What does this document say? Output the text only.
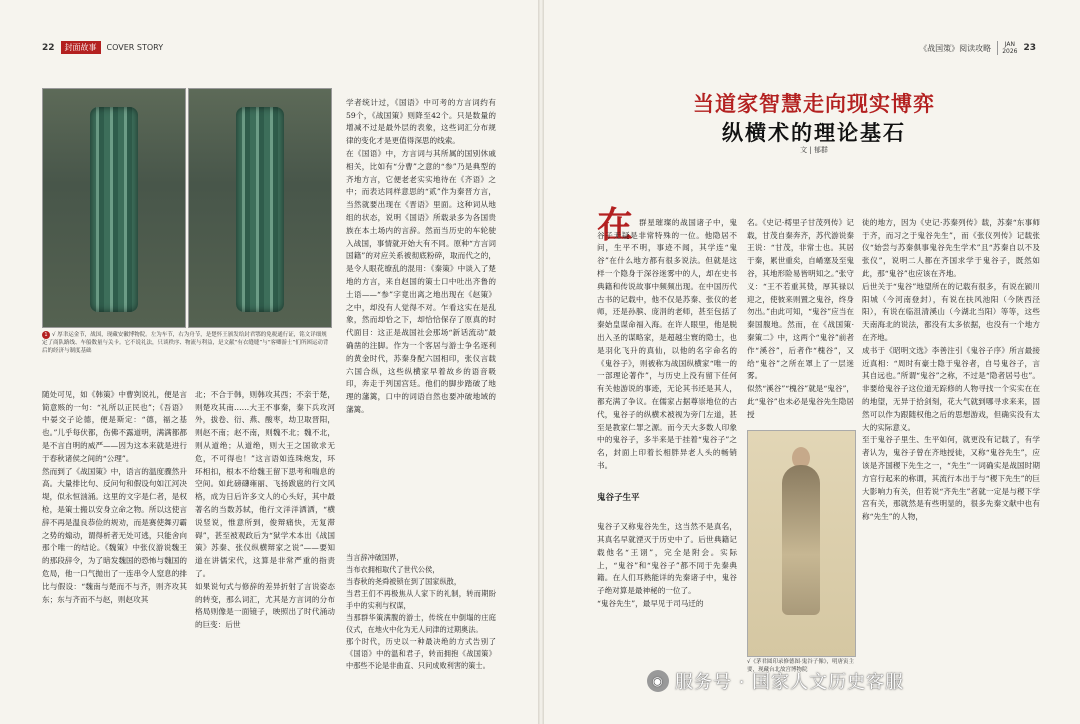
22	封面故事	COVER STORY
1 √ 厚聿运金节，战国，现藏安徽博物院。左为车节，右为舟节，是楚怀王颁发给封君鄂的免税通行证，铭文详细规定了商队路线、车船数量与关卡。它不说礼法，只谈秩序、物流与利益，是文献“有衣缝缝”与“客卿游士”们所困运动背后的经济与制度基础

学者统计过，《国语》中可考的方言词约有59个，《战国策》则降至42个。只是数量的增减不过是最外层的表象，这些词汇分布规律的变化才是更值得深思的线索。
在《国语》中，方言词与其所属的国别休戚相关，比如有“分曹”之意的“参”乃是典型的齐地方言，它便老老实实地待在《齐语》之中；而表达同样意思的“贰”作为秦晋方言，当然就要出现在《晋语》里面。这种词从地组的状态，说明《国语》所载录多为各国贵族在本土场内的言辞。然而当历史的车轮驶入战国，事情就开始大有不同。原种“方言词国籍”的对应关系被彻底粉碎，取而代之的，是令人眼花缭乱的混用：《秦策》中谈入了楚地的方言，来自赵国的策士口中吐出齐鲁的土语——“参”字竟出离之地出现在《赵策》之中，却没有人觉得不对。乍看这实在是乱象，然而却恰之下，却恰恰保存了原真的时代面目：这正是战国社会那场“新话流动”最确凿的注脚。作为一个客居与游士争名逐利的黄金时代，苏秦身配六国相印，张仪言载六国合纵，这些纵横家早着故乡的语音吸印，奔走于列国宫廷。他们的脚步踏破了地理的藩篱，口中的词语自然也要冲破地域的藩篱。

当言辞冲破国界，
当布衣拥相取代了世代公侯，
当春秋的尧舜被锁在到了国家纵散，
当君王们不再极焦从人家下的礼制，转而期盼手中的实利与权谋，
当那群华策满腹的游士，传统在中倒塌的庄庭仪式，在地火中化为无人问津的过期奥法。
那个时代，历史以一种最决绝的方式告别了《国语》中的温和君子，转而拥抱《战国策》中那些不论是非曲直、只问成败利害的策士。

随处可见，如《韩策》中曹刿说礼，便是言简意赅的一句：“礼所以正民也”；《吾语》中晏交子论德，便是斯定：“德，福之基也。”儿乎每伏都，伤佛不露道明，满满都都是不言自明的威严——因为这本来就是进行于春秋诸侯之间的“公理”。
然而到了《战国策》中，语言的温度骤然升高。大量排比句、反问句和假设句如江河决堤，似永恒汹涌。这里的文字是仁者，是权枪，是策士搬以安身立命之物。所以这使言辞不再是温良恭俭的规劝，而是赛使舞刃霸之势的煽动，谓得析者无处可逃，只能舍向那个唯一的结论。《魏策》中张仪游说魏王的那段辞令，为了暗发魏国的恐怖与魏国的危局，他一口气抛出了一连串令人窒息的排比与假设：“魏南与楚而不与齐，则齐攻其东；东与齐而不与赵，则赵攻其

北；不合于韩，则韩攻其西；不亲于楚，则楚攻其南……大王不事秦，秦下兵攻河外，拔卷、衍、燕、酸枣，劫卫取晋阳，则赵不南；赵不南，则魏不北；魏不北，则从道绝；从道绝，则大王之国欲求无危，不可得也！”这言语如连珠炮发，环环相扣，根本不给魏王留下思考和喘息的空间。如此磅礴雍丽、飞扬跋扈的行文风格，成为日后许多文人的心头好，其中最著名的当数苏轼，他行文洋洋洒洒，“横说竖说，惟意所到，俊辩痛快，无复滞碍”，甚至被观政后为“狱学术本出《战国策》苏秦、张仪纵横辩家之说”——要知道在讲儒宋代，这算是非常严重的指责了。
如果说句式与修辞的差异折射了言说姿态的转变，那么词汇，尤其是方言词的分布格局则像是一面镜子，映照出了时代涌动的巨变：后世

《战国策》阅读攻略	JAN
2026 23
当道家智慧走向现实博弈
纵横术的理论基石
文 | 郁群
在 群星璀璨的战国诸子中，鬼谷子无疑是非常特殊的一位。他隐居不问，生平不明，事迹不闻，其学连“鬼谷”在什么地方都有很多说法。但就是这样一个隐身于深谷迷雾中的人，却在史书典籍和传说故事中频频出现。在中国历代古书的记载中，他不仅是苏秦、张仪的老师，还是孙膑、庞涓的老师，甚至包括了秦始皇谋命福入海。在许人眼里，他是脱出入圣的谋略家，是超越尘寰的隐士，也是羽化飞升的真仙，以他的名字命名的《鬼谷子》，则被称为战国纵横家“唯一的一部理论著作”，与历史上没有留下任何有关他游说的事迹，无论其书还是其人，都充满了争议。在儒家占据尊崇地位的古代，鬼谷子的纵横术被视为旁门左道，甚至是教家仁罪之源。而今天大多数人印象中的鬼谷子，多半来是于挂着“鬼谷子”之名，封面上印着长相胖异老人头的畅销书。

鬼谷子生平

鬼谷子又称鬼谷先生，这当然不是真名，其真名早就湮灭于历史中了。后世典籍记载他名“王诩”，完全是附会。实际上，“鬼谷”和“鬼谷子”都不同于先秦典籍。在人们耳熟能详的先秦诸子中，鬼谷子绝对算是最神秘的一位了。
“鬼谷先生”，最早见于司马迁的

名。《史记·樗里子甘茂列传》记载，甘茂自秦奔齐，苏代游说秦王说：“甘茂，非常士也。其居于秦，累世重矣，自崤塞及至鬼谷，其地形险易皆明知之。”张守义：“王不若重其贽，厚其禄以迎之，使彼来则置之鬼谷，终身勿出。”由此可知，“鬼谷”应当在秦国腹地。然而，在《战国策·秦策二》中，这两个“鬼谷”前者作“溪谷”，后者作“槐谷”，又给“鬼谷”之所在罩上了一层迷雾。
似然“溪谷”“槐谷”就是“鬼谷”，此“鬼谷”也未必是鬼谷先生隐居授

√《茅君圆印录修德图·鬼谷子像》，明唐寅主要，现藏台北故宫博物院

徒的地方，因为《史记·苏秦列传》载，苏秦“东事师于齐，而习之于鬼谷先生”，而《张仪列传》记载张仪“始尝与苏秦俱事鬼谷先生学术”且“苏秦自以不及张仪”，说明二人都在齐国求学于鬼谷子，既然如此，那“鬼谷”也应该在齐地。
后世关于“鬼谷”地望所在的记载有很多，有说在颍川阳城（今河南登封），有说在扶风池阳（今陕西泾阳），有说在临沮清溪山（今湖北当阳）等等，这些天南海北的说法，都没有太多依据，也没有一个地方在齐地。
成书于《昭明文选》李善注引《鬼谷子序》所言最接近真相：“周时有豪士隐于鬼谷者，自号鬼谷子，言其自远也。”所谓“鬼谷”之称，不过是“隐者居号也”。非要给鬼谷子这位道无踪修的人物寻找一个实实在在的地望，无异于拾剑刻，花大气就到哪寻求来来，固然可以作为跟随权他之后的思想游戏，但确实没有太大的实际意义。
至于鬼谷子里生、生平如何，就更没有记载了，有学者认为，鬼谷子曾在齐地授徒，又称“鬼谷先生”，应该是齐国稷下先生之一，“先生”一词确实是战国时期方官行起来的称谓，其流行本出于与“稷下先生”的巨大影响力有关，但若说“齐先生”者就一定是与稷下学宫有关，那就然是有些明显的，很多先秦文献中也有称“先生”的人物，

◉ 服务号 · 国家人文历史客服
